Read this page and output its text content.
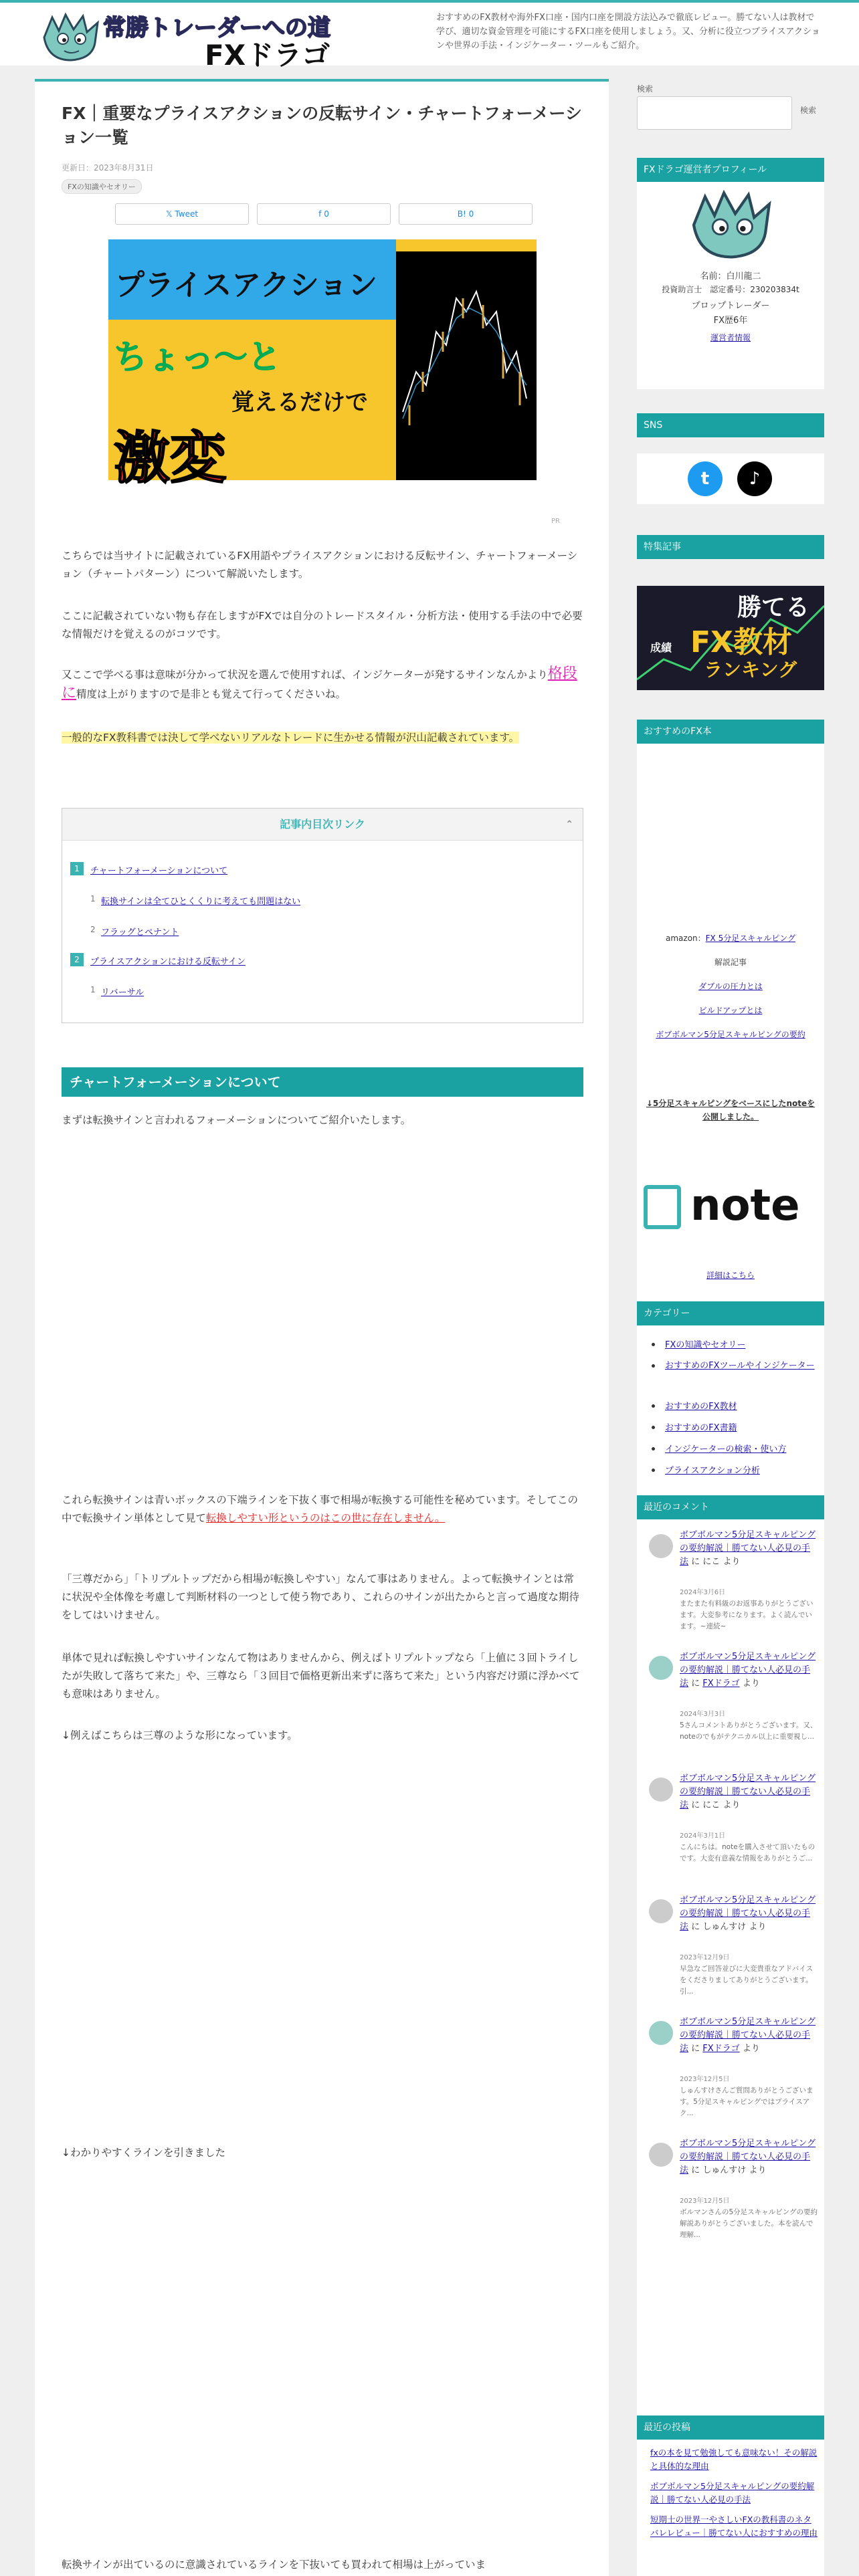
常勝トレーダーへの道
FXドラゴ
おすすめのFX教材や海外FX口座・国内口座を開設方法込みで徹底レビュー。勝てない人は教材で学び、適切な資金管理を可能にするFX口座を使用しましょう。又、分析に役立つブライスアクションや世界の手法・インジケーター・ツールもご紹介。
FX｜重要なプライスアクションの反転サイン・チャートフォーメーション一覧
更新日：2023年8月31日
FXの知識やセオリー
𝕏 Tweet	f 0	B! 0
プライスアクション
ちょっ〜と
覚えるだけで
激変
PR

こちらでは当サイトに記載されているFX用語やプライスアクションにおける反転サイン、チャートフォーメーション（チャートパターン）について解説いたします。

ここに記載されていない物も存在しますがFXでは自分のトレードスタイル・分析方法・使用する手法の中で必要な情報だけを覚えるのがコツです。

又ここで学べる事は意味が分かって状況を選んで使用すれば、インジケーターが発するサインなんかより格段に精度は上がりますので是非とも覚えて行ってくださいね。

一般的なFX教科書では決して学べないリアルなトレードに生かせる情報が沢山記載されています。

記事内目次リンク	⌃
1	チャートフォーメーションについて
1 転換サインは全てひとくくりに考えても問題はない
2 フラッグとペナント
2	プライスアクションにおける反転サイン
1 リバーサル
チャートフォーメーションについて

まずは転換サインと言われるフォーメーションについてご紹介いたします。

これら転換サインは青いボックスの下端ラインを下抜く事で相場が転換する可能性を秘めています。そしてこの中で転換サイン単体として見て転換しやすい形というのはこの世に存在しません。

「三尊だから」「トリプルトップだから相場が転換しやすい」なんて事はありません。よって転換サインとは常に状況や全体像を考慮して判断材料の一つとして使う物であり、これらのサインが出たからと言って過度な期待をしてはいけません。

単体で見れば転換しやすいサインなんて物はありませんから、例えばトリプルトップなら「上値に３回トライしたが失敗して落ちて来た」や、三尊なら「３回目で価格更新出来ずに落ちて来た」という内容だけ頭に浮かべても意味はありません。

↓例えばこちらは三尊のような形になっています。

↓わかりやすくラインを引きました

転換サインが出ているのに意識されているラインを下抜いても買われて相場は上がっていま

検索
検索
FXドラゴ運営者プロフィール
名前：白川龍二
投資助言士　認定番号：230203834t
プロップトレーダー
FX歴6年
運営者情報
SNS
t	♪
特集記事
勝てる
FX教材
ランキング
成績
おすすめのFX本
amazon：FX 5分足スキャルピング
解説記事
ダブルの圧力とは
ビルドアップとは
ボブボルマン5分足スキャルピングの要約
↓5分足スキャルピングをベースにしたnoteを公開しました。
note
詳細はこちら
カテゴリー
FXの知識やセオリー
おすすめのFXツールやインジケーター
おすすめのFX教材
おすすめのFX書籍
インジケーターの検索・使い方
プライスアクション分析
最近のコメント
ボブボルマン5分足スキャルピングの要約解説｜勝てない人必見の手法 に にこ より
2024年3月6日
またまた有料級のお返事ありがとうございます。大変参考になります。よく読んでいます。~連続~
ボブボルマン5分足スキャルピングの要約解説｜勝てない人必見の手法 に FXドラゴ より
2024年3月3日
5さんコメントありがとうございます。又、noteのでもがテクニカル以上に重要視し...
ボブボルマン5分足スキャルピングの要約解説｜勝てない人必見の手法 に にこ より
2024年3月1日
こんにちは。noteを購入させて頂いたものです。大変有意義な情報をありがとうご...
ボブボルマン5分足スキャルピングの要約解説｜勝てない人必見の手法 に しゅんすけ より
2023年12月9日
早急なご回答並びに大変貴重なアドバイスをくださりましてありがとうございます。引...
ボブボルマン5分足スキャルピングの要約解説｜勝てない人必見の手法 に FXドラゴ より
2023年12月5日
しゅんすけさんご質問ありがとうございます。5分足スキャルピングではプライスアク...
ボブボルマン5分足スキャルピングの要約解説｜勝てない人必見の手法 に しゅんすけ より
2023年12月5日
ボルマンさんの5分足スキャルピングの要約解説ありがとうございました。本を読んで理解...
最近の投稿
fxの本を見て勉強しても意味ない！その解説と具体的な理由
ボブボルマン5分足スキャルピングの要約解説｜勝てない人必見の手法
短期士の世界一やさしいFXの教科書のネタバレレビュー｜勝てない人におすすめの理由
